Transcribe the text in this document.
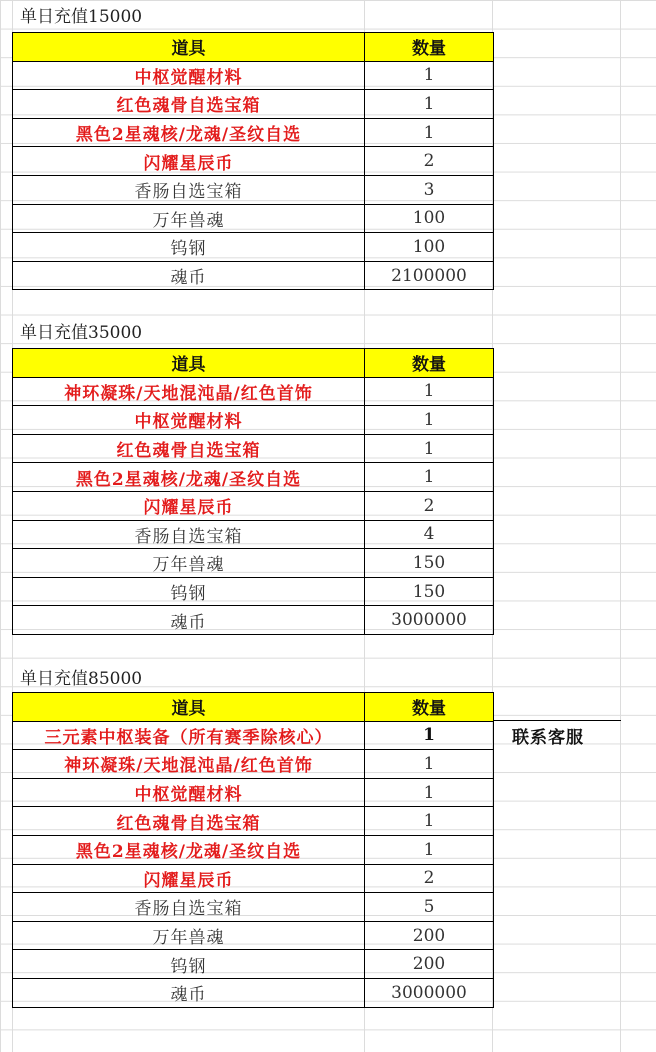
单日充值15000
道具	数量
中枢觉醒材料	1
红色魂骨自选宝箱	1
黑色2星魂核/龙魂/圣纹自选	1
闪耀星辰币	2
香肠自选宝箱	3
万年兽魂	100
钨钢	100
魂币	2100000
单日充值35000
道具	数量
神环凝珠/天地混沌晶/红色首饰	1
中枢觉醒材料	1
红色魂骨自选宝箱	1
黑色2星魂核/龙魂/圣纹自选	1
闪耀星辰币	2
香肠自选宝箱	4
万年兽魂	150
钨钢	150
魂币	3000000
单日充值85000
道具	数量
三元素中枢装备（所有赛季除核心）	1
神环凝珠/天地混沌晶/红色首饰	1
中枢觉醒材料	1
红色魂骨自选宝箱	1
黑色2星魂核/龙魂/圣纹自选	1
闪耀星辰币	2
香肠自选宝箱	5
万年兽魂	200
钨钢	200
魂币	3000000
联系客服
